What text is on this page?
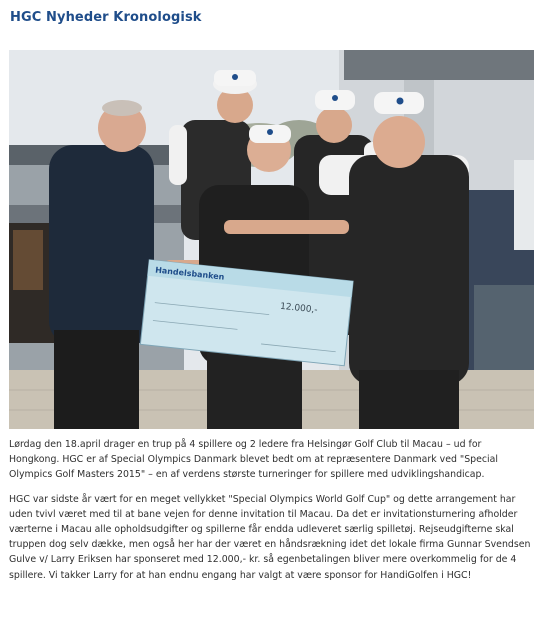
HGC Nyheder Kronologisk
Handelsbanken
12.000,-

Lørdag den 18.april drager en trup på 4 spillere og 2 ledere fra Helsingør Golf Club til Macau – ud for Hongkong. HGC er af Special Olympics Danmark blevet bedt om at repræsentere Danmark ved "Special Olympics Golf Masters 2015" – en af verdens største turneringer for spillere med udviklingshandicap.

HGC var sidste år vært for en meget vellykket "Special Olympics World Golf Cup" og dette arrangement har uden tvivl været med til at bane vejen for denne invitation til Macau. Da det er invitationsturnering afholder værterne i Macau alle opholdsudgifter og spillerne får endda udleveret særlig spilletøj. Rejseudgifterne skal truppen dog selv dække, men også her har der været en håndsrækning idet det lokale firma Gunnar Svendsen Gulve v/ Larry Eriksen har sponseret med 12.000,- kr. så egenbetalingen bliver mere overkommelig for de 4 spillere. Vi takker Larry for at han endnu engang har valgt at være sponsor for HandiGolfen i HGC!
